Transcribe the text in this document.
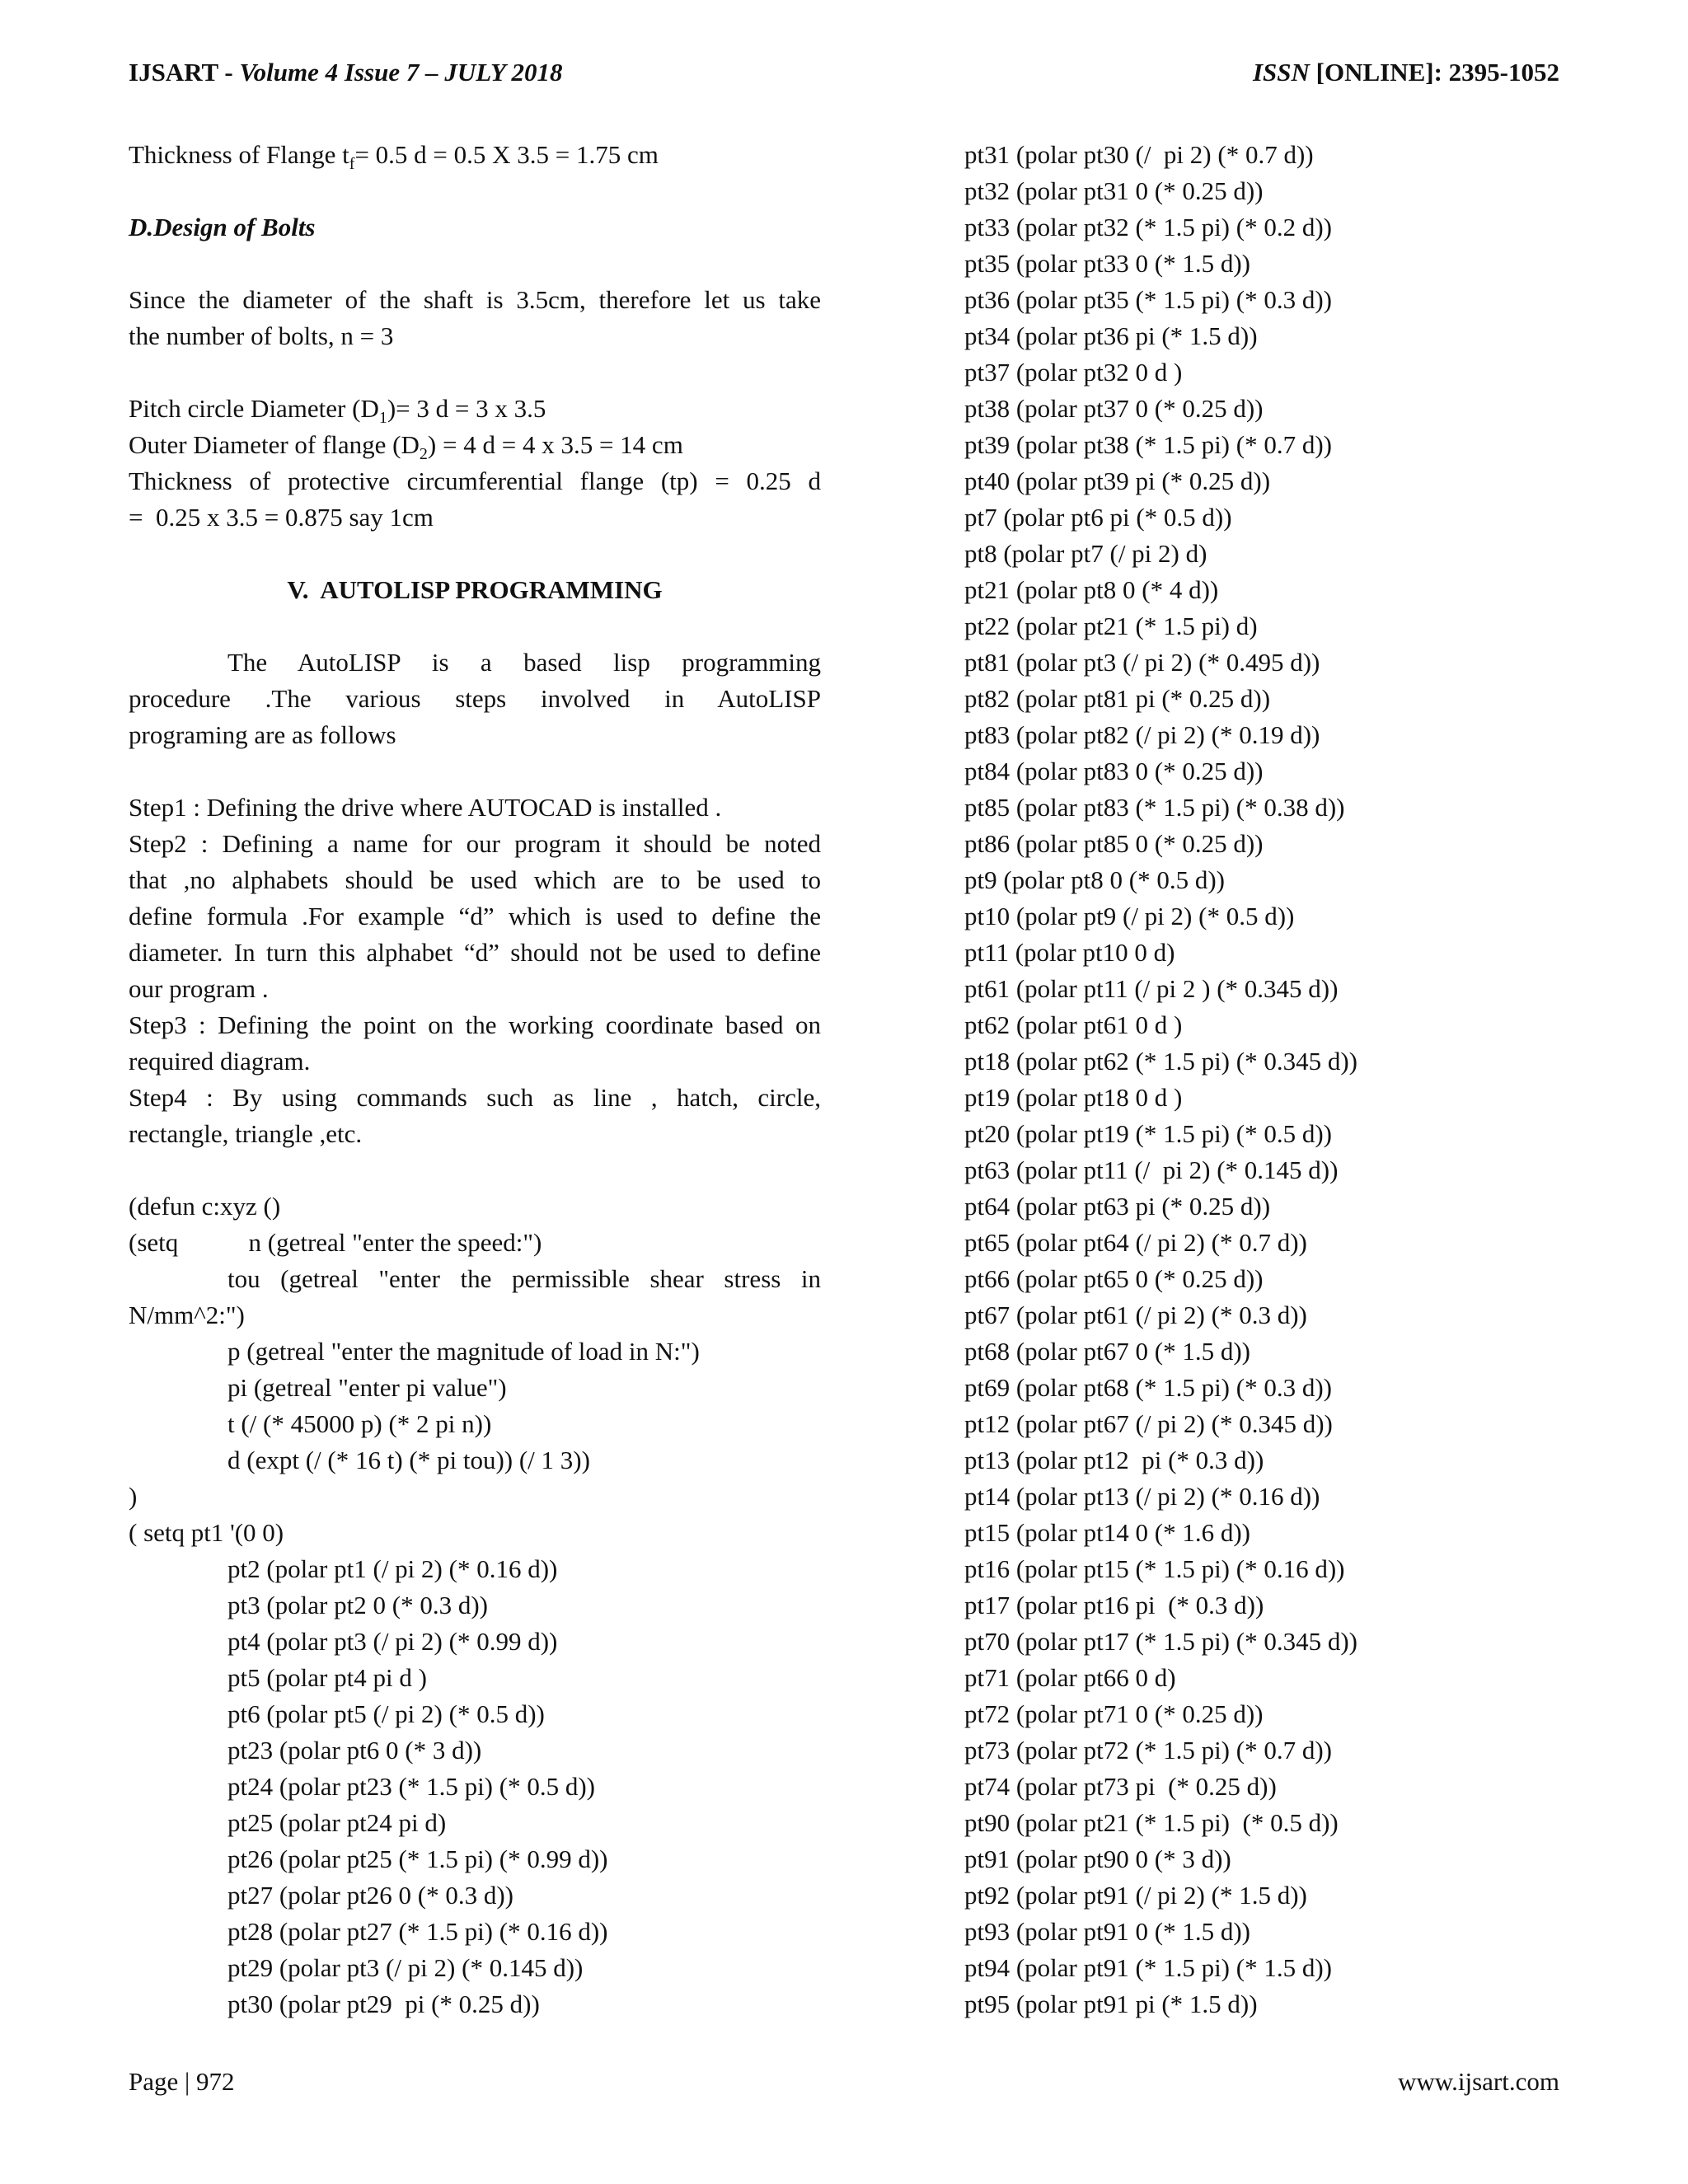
IJSART - Volume 4 Issue 7 – JULY 2018	ISSN [ONLINE]: 2395-1052
Thickness of Flange $t_f= 0.5$ d = 0.5 X 3.5 = 1.75 cm
D.Design of Bolts
Since the diameter of the shaft is 3.5cm, therefore let us take
the number of bolts, n = 3
Pitch circle Diameter $(D_1)= 3$ d = 3 x 3.5
Outer Diameter of flange $(D_2) = 4$ d = 4 x 3.5 = 14 cm
Thickness of protective circumferential flange (tp) = 0.25 d
=  0.25 x 3.5 = 0.875 say 1cm
V.  AUTOLISP PROGRAMMING
The AutoLISP is a based lisp programming
procedure .The various steps involved in AutoLISP
programing are as follows
Step1 : Defining the drive where AUTOCAD is installed .
Step2 : Defining a name for our program it should be noted
that ,no alphabets should be used which are to be used to
define formula .For example “d” which is used to define the
diameter. In turn this alphabet “d” should not be used to define
our program .
Step3 : Defining the point on the working coordinate based on
required diagram.
Step4 : By using commands such as line , hatch, circle,
rectangle, triangle ,etc.
(defun c:xyz ()
(setq           n (getreal "enter the speed:")
tou (getreal "enter the permissible shear stress in
N/mm^2:")
p (getreal "enter the magnitude of load in N:")
pi (getreal "enter pi value")
t (/ (* 45000 p) (* 2 pi n))
d (expt (/ (* 16 t) (* pi tou)) (/ 1 3))
)
( setq pt1 '(0 0)
pt2 (polar pt1 (/ pi 2) (* 0.16 d))
pt3 (polar pt2 0 (* 0.3 d))
pt4 (polar pt3 (/ pi 2) (* 0.99 d))
pt5 (polar pt4 pi d )
pt6 (polar pt5 (/ pi 2) (* 0.5 d))
pt23 (polar pt6 0 (* 3 d))
pt24 (polar pt23 (* 1.5 pi) (* 0.5 d))
pt25 (polar pt24 pi d)
pt26 (polar pt25 (* 1.5 pi) (* 0.99 d))
pt27 (polar pt26 0 (* 0.3 d))
pt28 (polar pt27 (* 1.5 pi) (* 0.16 d))
pt29 (polar pt3 (/ pi 2) (* 0.145 d))
pt30 (polar pt29  pi (* 0.25 d))
pt31 (polar pt30 (/  pi 2) (* 0.7 d))
pt32 (polar pt31 0 (* 0.25 d))
pt33 (polar pt32 (* 1.5 pi) (* 0.2 d))
pt35 (polar pt33 0 (* 1.5 d))
pt36 (polar pt35 (* 1.5 pi) (* 0.3 d))
pt34 (polar pt36 pi (* 1.5 d))
pt37 (polar pt32 0 d )
pt38 (polar pt37 0 (* 0.25 d))
pt39 (polar pt38 (* 1.5 pi) (* 0.7 d))
pt40 (polar pt39 pi (* 0.25 d))
pt7 (polar pt6 pi (* 0.5 d))
pt8 (polar pt7 (/ pi 2) d)
pt21 (polar pt8 0 (* 4 d))
pt22 (polar pt21 (* 1.5 pi) d)
pt81 (polar pt3 (/ pi 2) (* 0.495 d))
pt82 (polar pt81 pi (* 0.25 d))
pt83 (polar pt82 (/ pi 2) (* 0.19 d))
pt84 (polar pt83 0 (* 0.25 d))
pt85 (polar pt83 (* 1.5 pi) (* 0.38 d))
pt86 (polar pt85 0 (* 0.25 d))
pt9 (polar pt8 0 (* 0.5 d))
pt10 (polar pt9 (/ pi 2) (* 0.5 d))
pt11 (polar pt10 0 d)
pt61 (polar pt11 (/ pi 2 ) (* 0.345 d))
pt62 (polar pt61 0 d )
pt18 (polar pt62 (* 1.5 pi) (* 0.345 d))
pt19 (polar pt18 0 d )
pt20 (polar pt19 (* 1.5 pi) (* 0.5 d))
pt63 (polar pt11 (/  pi 2) (* 0.145 d))
pt64 (polar pt63 pi (* 0.25 d))
pt65 (polar pt64 (/ pi 2) (* 0.7 d))
pt66 (polar pt65 0 (* 0.25 d))
pt67 (polar pt61 (/ pi 2) (* 0.3 d))
pt68 (polar pt67 0 (* 1.5 d))
pt69 (polar pt68 (* 1.5 pi) (* 0.3 d))
pt12 (polar pt67 (/ pi 2) (* 0.345 d))
pt13 (polar pt12  pi (* 0.3 d))
pt14 (polar pt13 (/ pi 2) (* 0.16 d))
pt15 (polar pt14 0 (* 1.6 d))
pt16 (polar pt15 (* 1.5 pi) (* 0.16 d))
pt17 (polar pt16 pi  (* 0.3 d))
pt70 (polar pt17 (* 1.5 pi) (* 0.345 d))
pt71 (polar pt66 0 d)
pt72 (polar pt71 0 (* 0.25 d))
pt73 (polar pt72 (* 1.5 pi) (* 0.7 d))
pt74 (polar pt73 pi  (* 0.25 d))
pt90 (polar pt21 (* 1.5 pi)  (* 0.5 d))
pt91 (polar pt90 0 (* 3 d))
pt92 (polar pt91 (/ pi 2) (* 1.5 d))
pt93 (polar pt91 0 (* 1.5 d))
pt94 (polar pt91 (* 1.5 pi) (* 1.5 d))
pt95 (polar pt91 pi (* 1.5 d))
Page | 972	www.ijsart.com
